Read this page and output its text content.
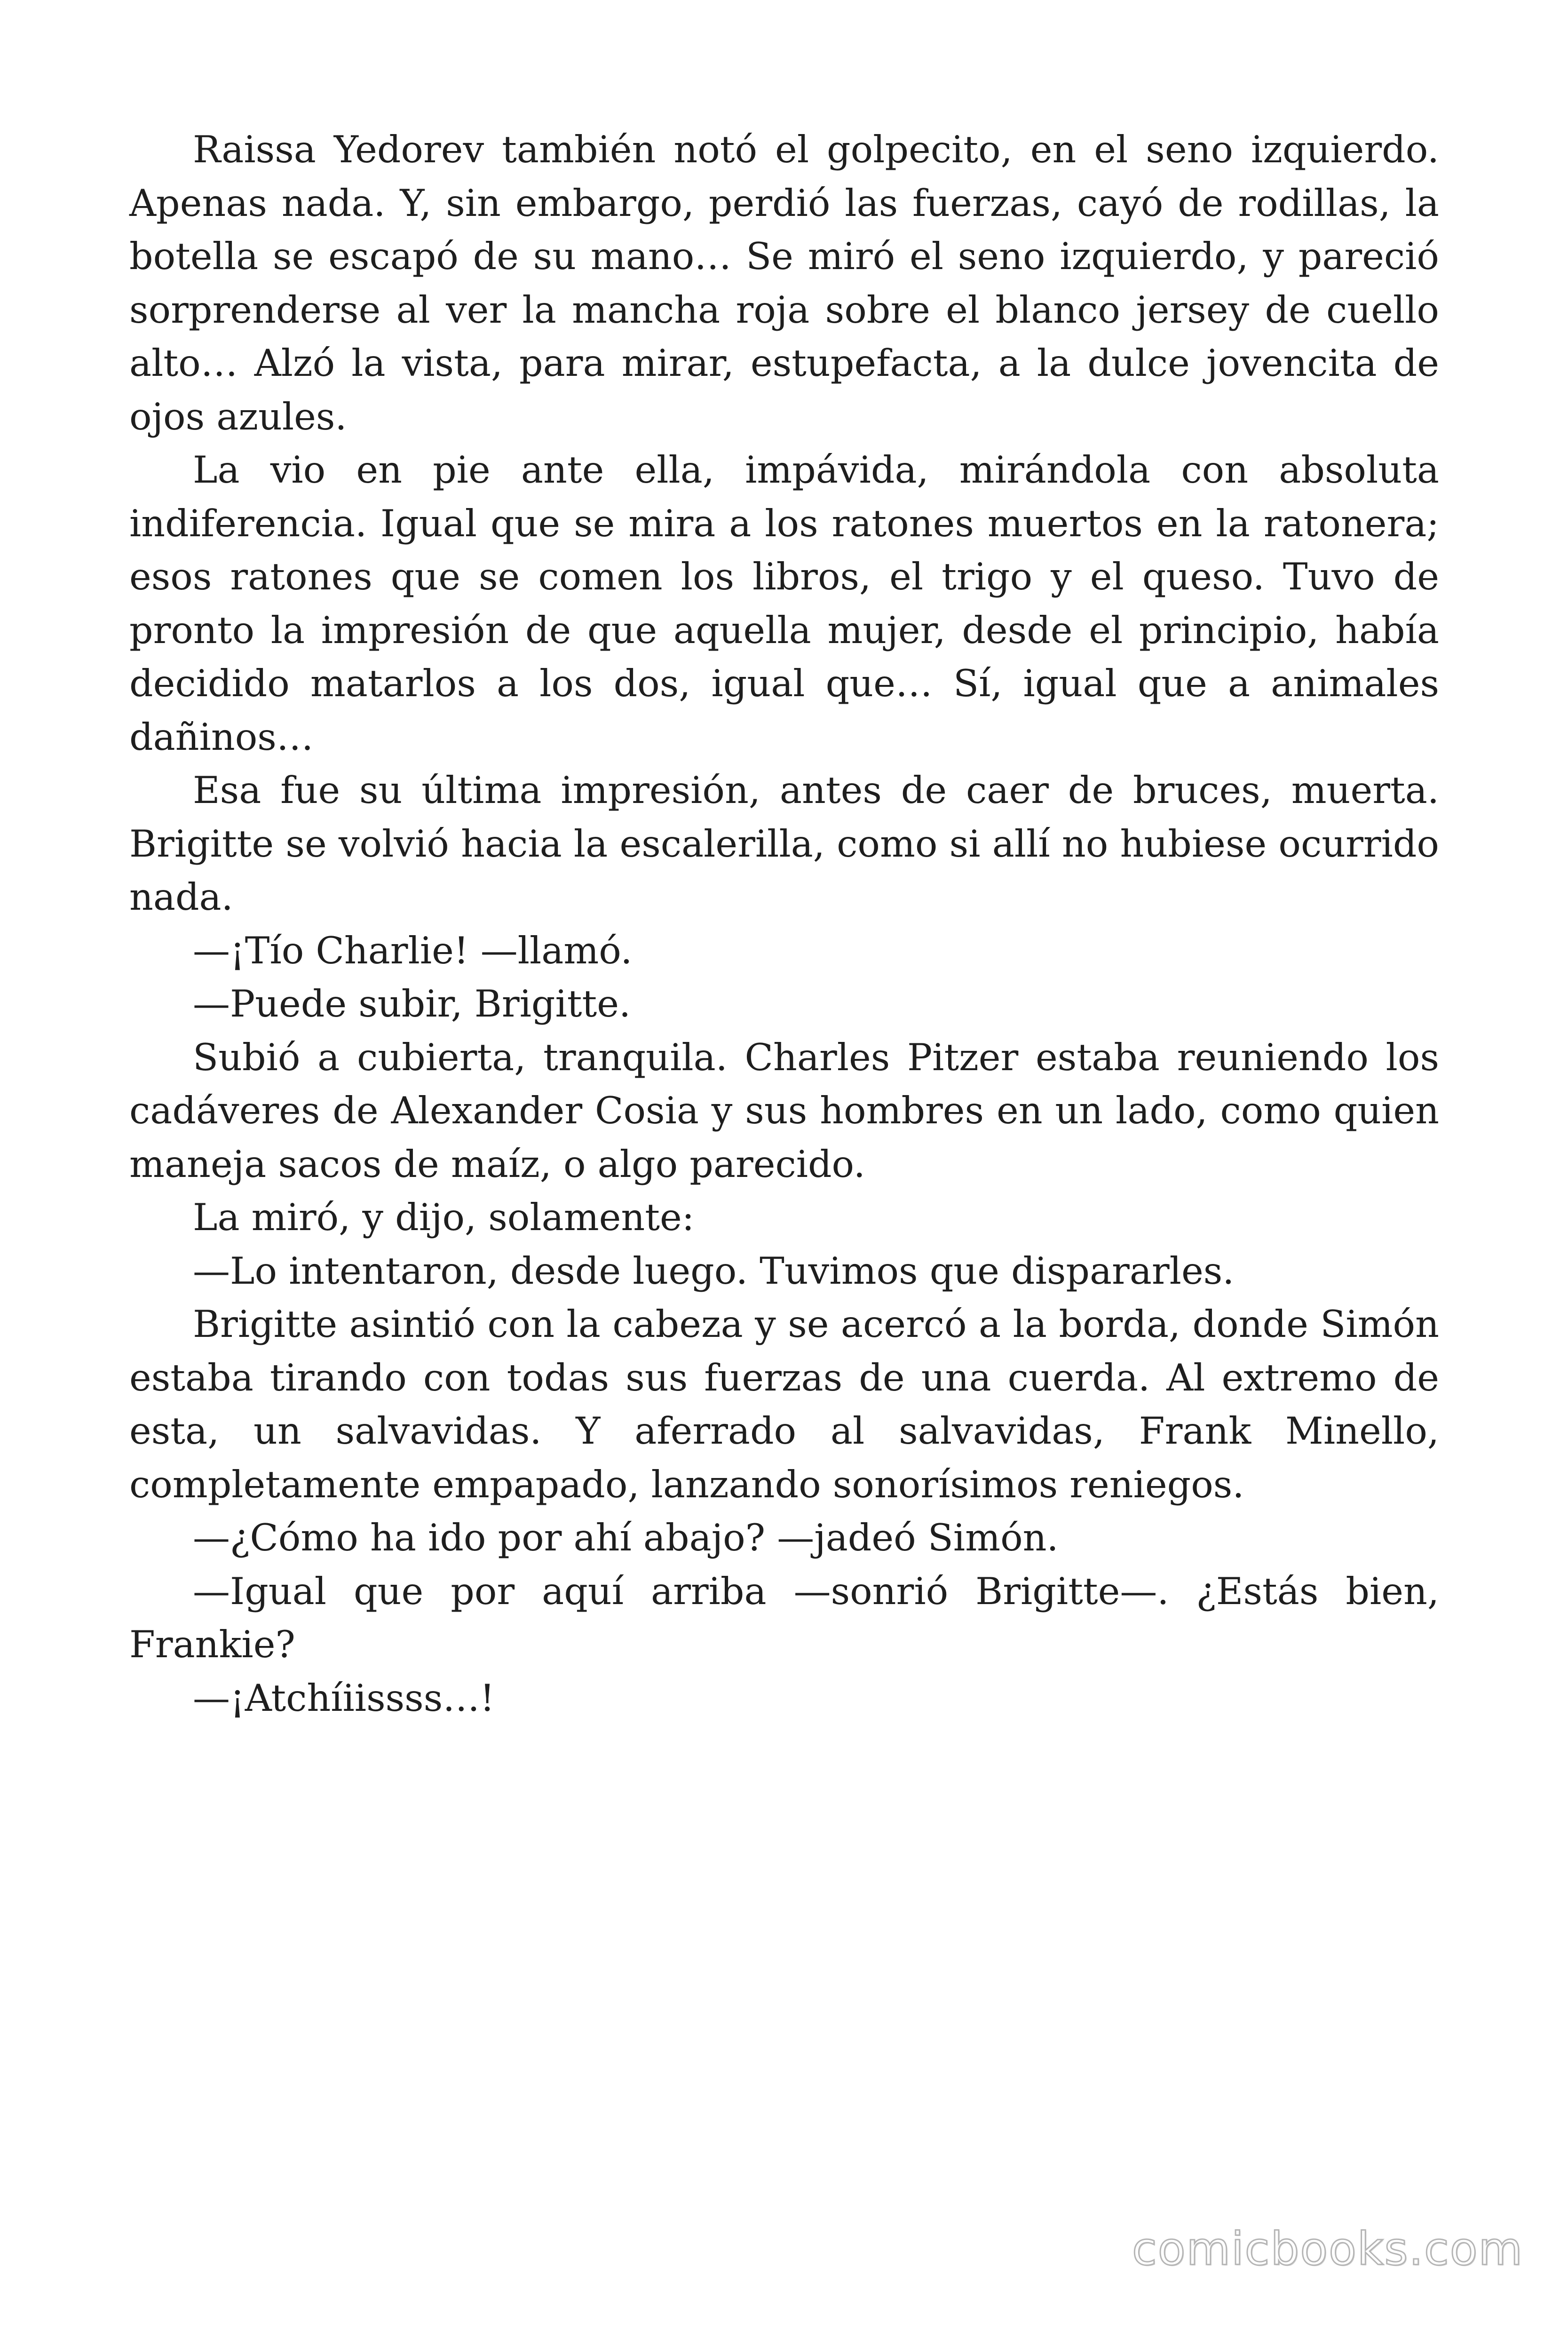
Raissa Yedorev también notó el golpecito, en el seno izquierdo. Apenas nada. Y, sin embargo, perdió las fuerzas, cayó de rodillas, la botella se escapó de su mano… Se miró el seno izquierdo, y pareció sorprenderse al ver la mancha roja sobre el blanco jersey de cuello alto… Alzó la vista, para mirar, estupefacta, a la dulce jovencita de ojos azules.

La vio en pie ante ella, impávida, mirándola con absoluta indiferencia. Igual que se mira a los ratones muertos en la ratonera; esos ratones que se comen los libros, el trigo y el queso. Tuvo de pronto la impresión de que aquella mujer, desde el principio, había decidido matarlos a los dos, igual que… Sí, igual que a animales dañinos…

Esa fue su última impresión, antes de caer de bruces, muerta. Brigitte se volvió hacia la escalerilla, como si allí no hubiese ocurrido nada.

—¡Tío Charlie! —llamó.

—Puede subir, Brigitte.

Subió a cubierta, tranquila. Charles Pitzer estaba reuniendo los cadáveres de Alexander Cosia y sus hombres en un lado, como quien maneja sacos de maíz, o algo parecido.

La miró, y dijo, solamente:

—Lo intentaron, desde luego. Tuvimos que dispararles.

Brigitte asintió con la cabeza y se acercó a la borda, donde Simón estaba tirando con todas sus fuerzas de una cuerda. Al extremo de esta, un salvavidas. Y aferrado al salvavidas, Frank Minello, completamente empapado, lanzando sonorísimos reniegos.

—¿Cómo ha ido por ahí abajo? —jadeó Simón.

—Igual que por aquí arriba —sonrió Brigitte—. ¿Estás bien, Frankie?

—¡Atchíiissss…!

comicbooks.com
